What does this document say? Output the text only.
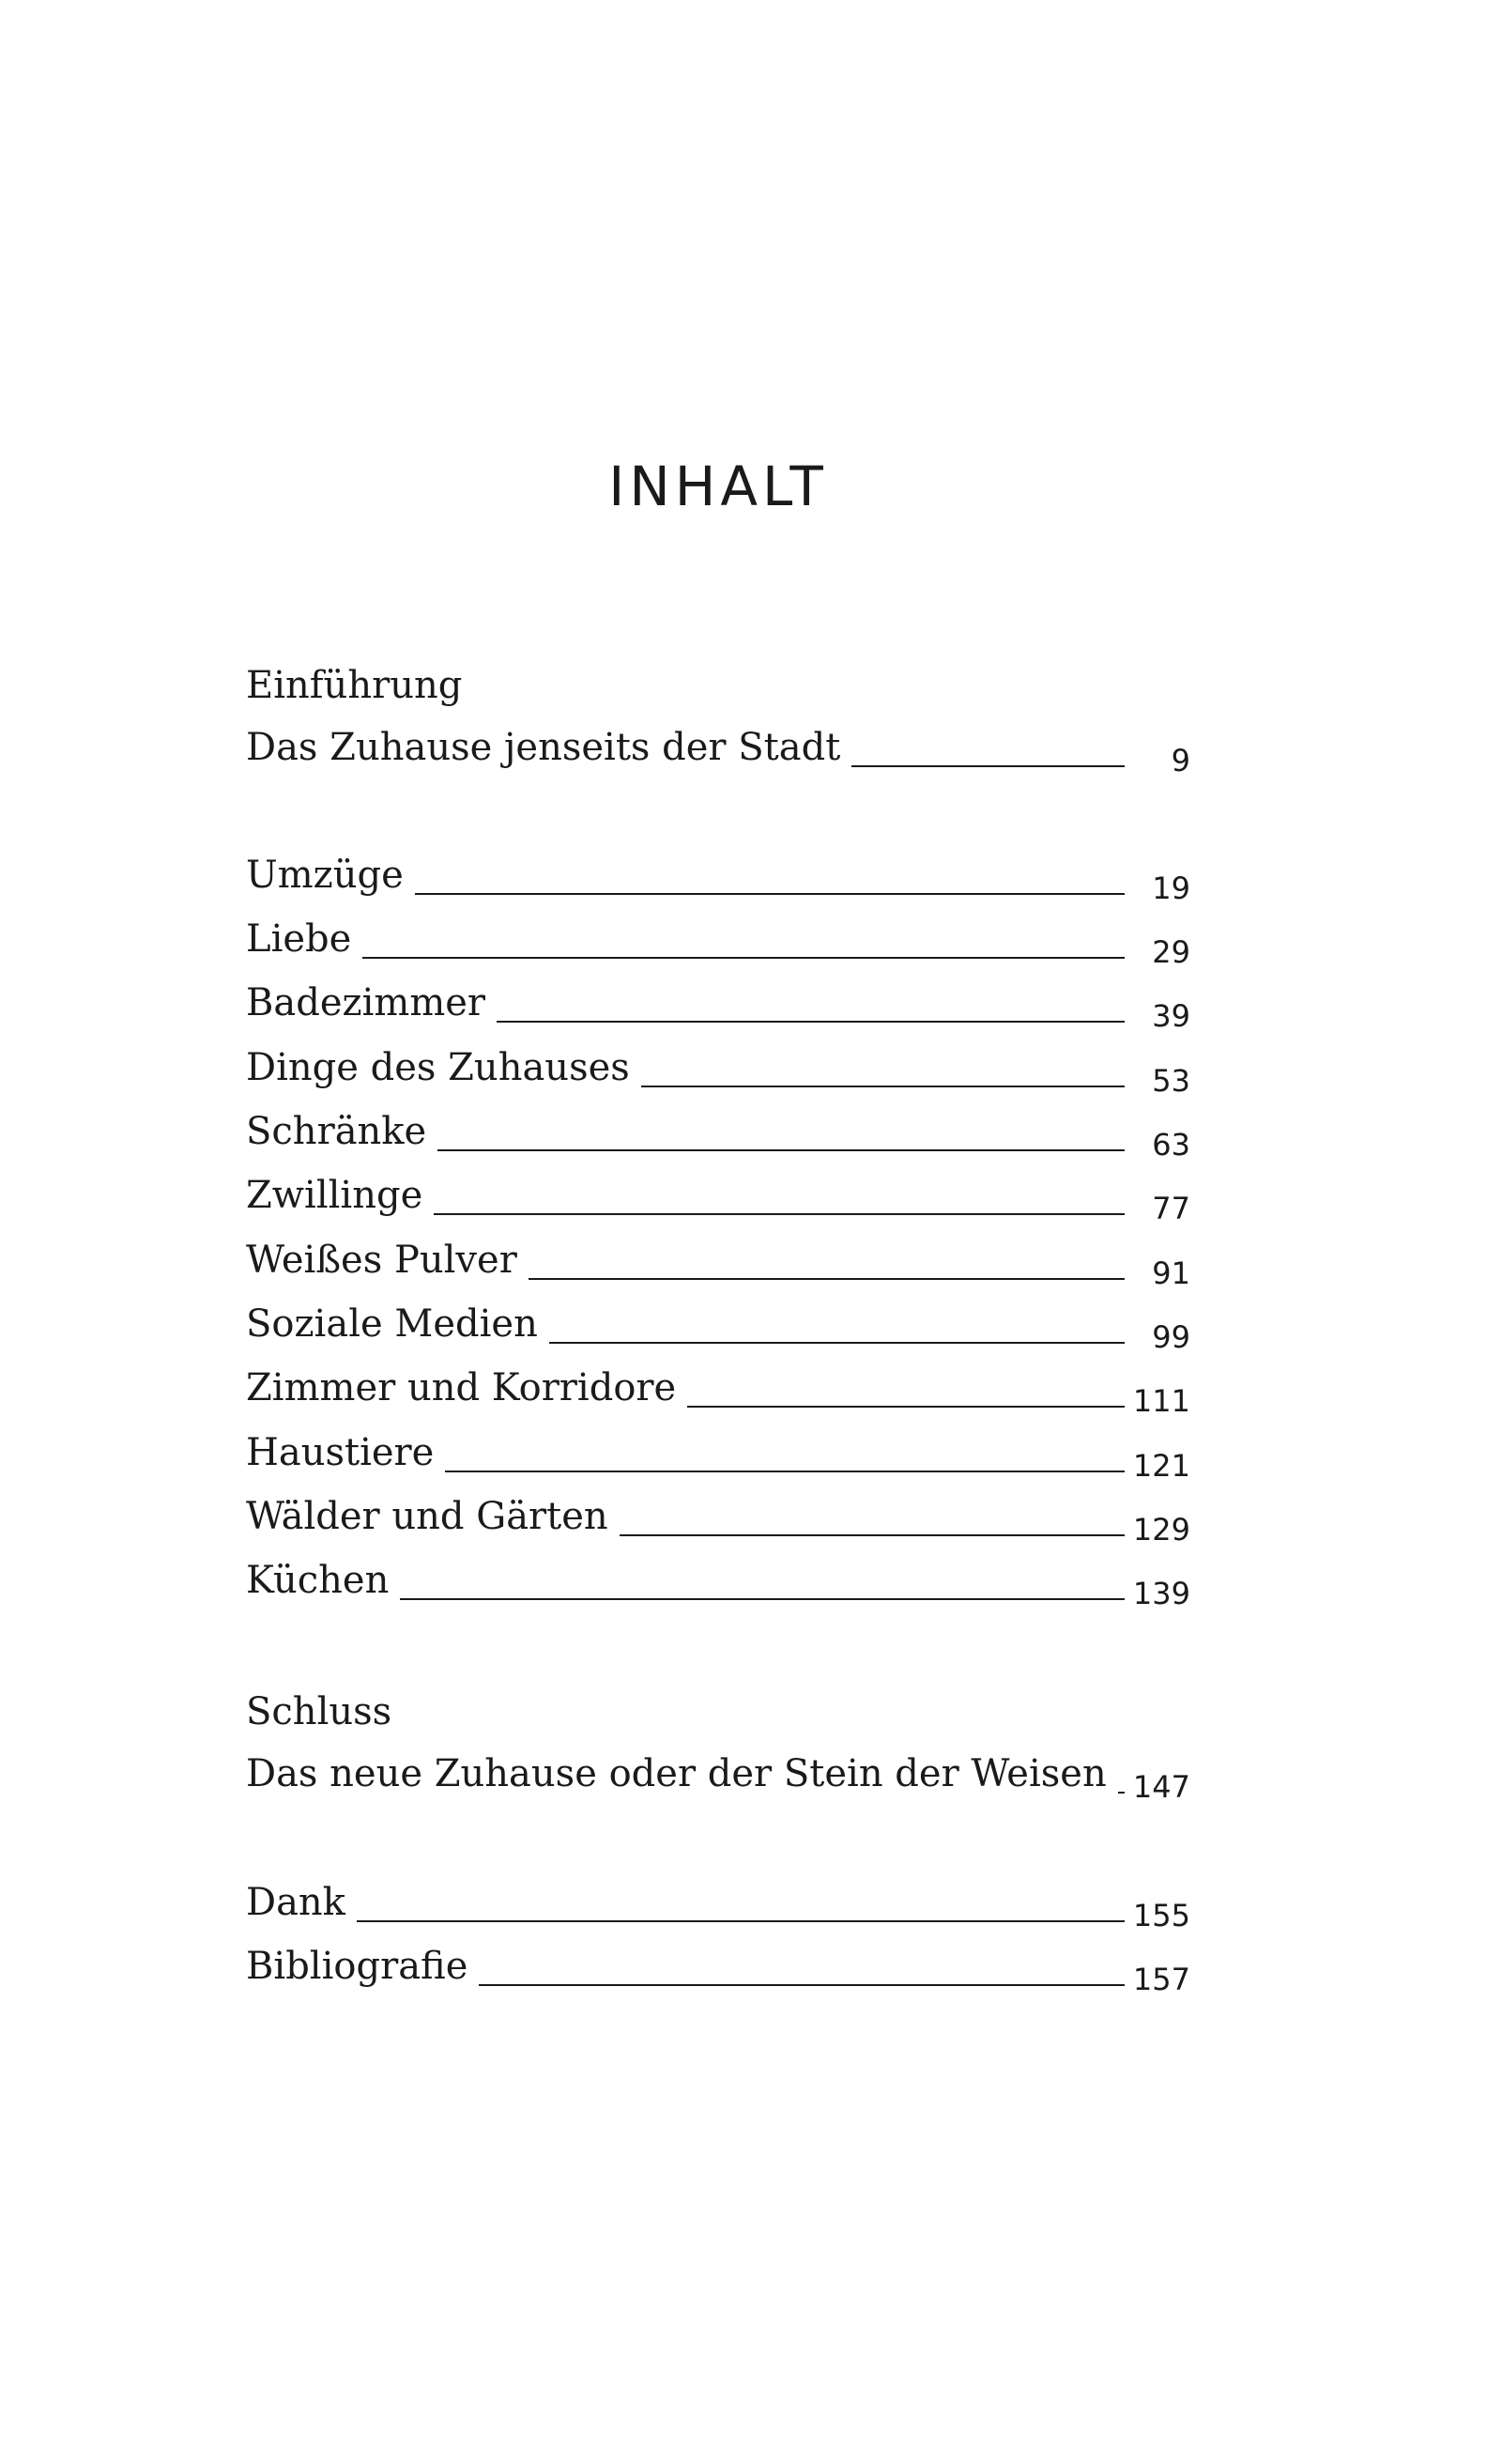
INHALT
Einführung
Das Zuhause jenseits der Stadt	9
Umzüge	19
Liebe	29
Badezimmer	39
Dinge des Zuhauses	53
Schränke	63
Zwillinge	77
Weißes Pulver	91
Soziale Medien	99
Zimmer und Korridore	111
Haustiere	121
Wälder und Gärten	129
Küchen	139
Schluss
Das neue Zuhause oder der Stein der Weisen 147
Dank	155
Bibliografie	157
